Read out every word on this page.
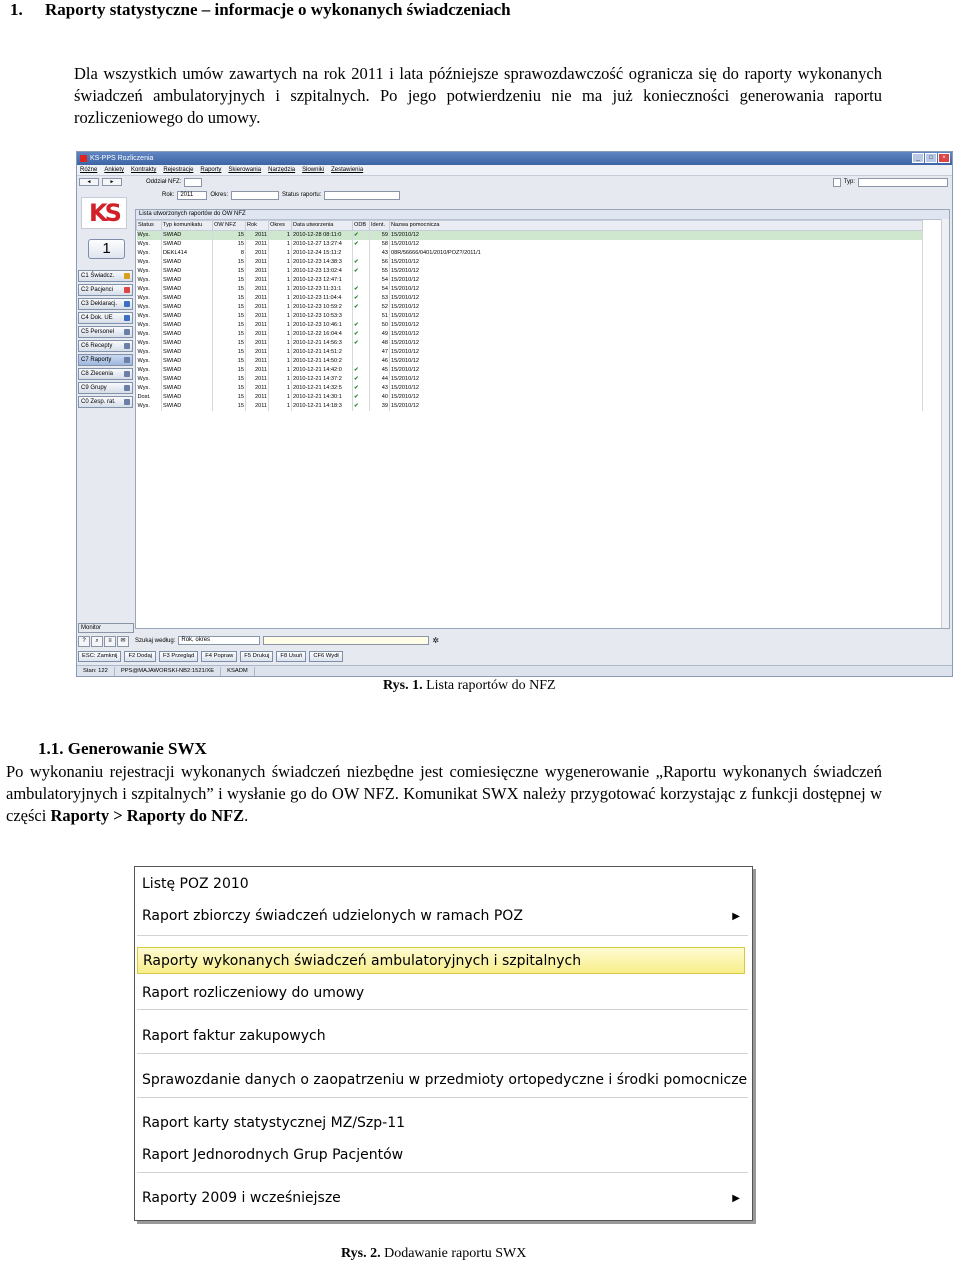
1. Raporty statystyczne – informacje o wykonanych świadczeniach
Dla wszystkich umów zawartych na rok 2011 i lata późniejsze sprawozdawczość ogranicza się do raporty wykonanych świadczeń ambulatoryjnych i szpitalnych. Po jego potwierdzeniu nie ma już konieczności generowania raportu rozliczeniowego do umowy.
KS-PPS Rozliczenia	_	□	×
Różne Ankiety Kontrakty Rejestracje Raporty Skierowania Narzędzia Słowniki Zestawienia
◄	►	Oddział NFZ:	Typ:
Rok:	2011	Okres:	Status raportu:
KS
1
C1 Świadcz.
C2 Pacjenci
C3 Deklaracj.
C4 Dok. UE
C5 Personel
C6 Recepty
C7 Raporty
C8 Zlecenia
C9 Grupy
C0 Zesp. rat.
Lista utworzonych raportów do OW NFZ
Status	Typ komunikatu	OW NFZ	Rok	Okres	Data utworzenia	ODB	Ident.	Nazwa pomocnicza
Wys.	SWIAD	15	2011	1	2010-12-28 08:11:0	✔	59	15/2010/12
Wys.	SWIAD	15	2011	1	2010-12-27 13:27:4	✔	58	15/2010/12
Wys.	DEKL414	8	2011	1	2010-12-24 15:11:2		43	08R/56666/0401/2010/POZ?/2011/1
Wys.	SWIAD	15	2011	1	2010-12-23 14:38:3	✔	56	15/2010/12
Wys.	SWIAD	15	2011	1	2010-12-23 13:02:4	✔	55	15/2010/12
Wys.	SWIAD	15	2011	1	2010-12-23 12:47:1		54	15/2010/12
Wys.	SWIAD	15	2011	1	2010-12-23 11:31:1	✔	54	15/2010/12
Wys.	SWIAD	15	2011	1	2010-12-23 11:04:4	✔	53	15/2010/12
Wys.	SWIAD	15	2011	1	2010-12-23 10:59:2	✔	52	15/2010/12
Wys.	SWIAD	15	2011	1	2010-12-23 10:53:3		51	15/2010/12
Wys.	SWIAD	15	2011	1	2010-12-23 10:46:1	✔	50	15/2010/12
Wys.	SWIAD	15	2011	1	2010-12-22 16:04:4	✔	49	15/2010/12
Wys.	SWIAD	15	2011	1	2010-12-21 14:56:3	✔	48	15/2010/12
Wys.	SWIAD	15	2011	1	2010-12-21 14:51:2		47	15/2010/12
Wys.	SWIAD	15	2011	1	2010-12-21 14:50:2		46	15/2010/12
Wys.	SWIAD	15	2011	1	2010-12-21 14:42:0	✔	45	15/2010/12
Wys.	SWIAD	15	2011	1	2010-12-21 14:37:2	✔	44	15/2010/12
Wys.	SWIAD	15	2011	1	2010-12-21 14:32:5	✔	43	15/2010/12
Dost.	SWIAD	15	2011	1	2010-12-21 14:30:1	✔	40	15/2010/12
Wys.	SWIAD	15	2011	1	2010-12-21 14:18:3	✔	39	15/2010/12
Monitor
?	⌕	≡	✉	Szukaj według:	Rok, okres	✲
ESC: Zamknij	F2 Dodaj	F3 Przegląd	F4 Popraw	F5 Drukuj	F8 Usuń	CF6 Wydł
Stan: 122	PPS@MAJAWORSKI-NB2:1521/XE	KSADM
Rys. 1. Lista raportów do NFZ
1.1. Generowanie SWX
Po wykonaniu rejestracji wykonanych świadczeń niezbędne jest comiesięczne wygenerowanie „Raportu wykonanych świadczeń ambulatoryjnych i szpitalnych” i wysłanie go do OW NFZ. Komunikat SWX należy przygotować korzystając z funkcji dostępnej w części Raporty > Raporty do NFZ.
Listę POZ 2010
Raport zbiorczy świadczeń udzielonych w ramach POZ	▶
Raporty wykonanych świadczeń ambulatoryjnych i szpitalnych
Raport rozliczeniowy do umowy
Raport faktur zakupowych
Sprawozdanie danych o zaopatrzeniu w przedmioty ortopedyczne i środki pomocnicze
Raport karty statystycznej MZ/Szp-11
Raport Jednorodnych Grup Pacjentów
Raporty 2009 i wcześniejsze	▶
Rys. 2. Dodawanie raportu SWX
